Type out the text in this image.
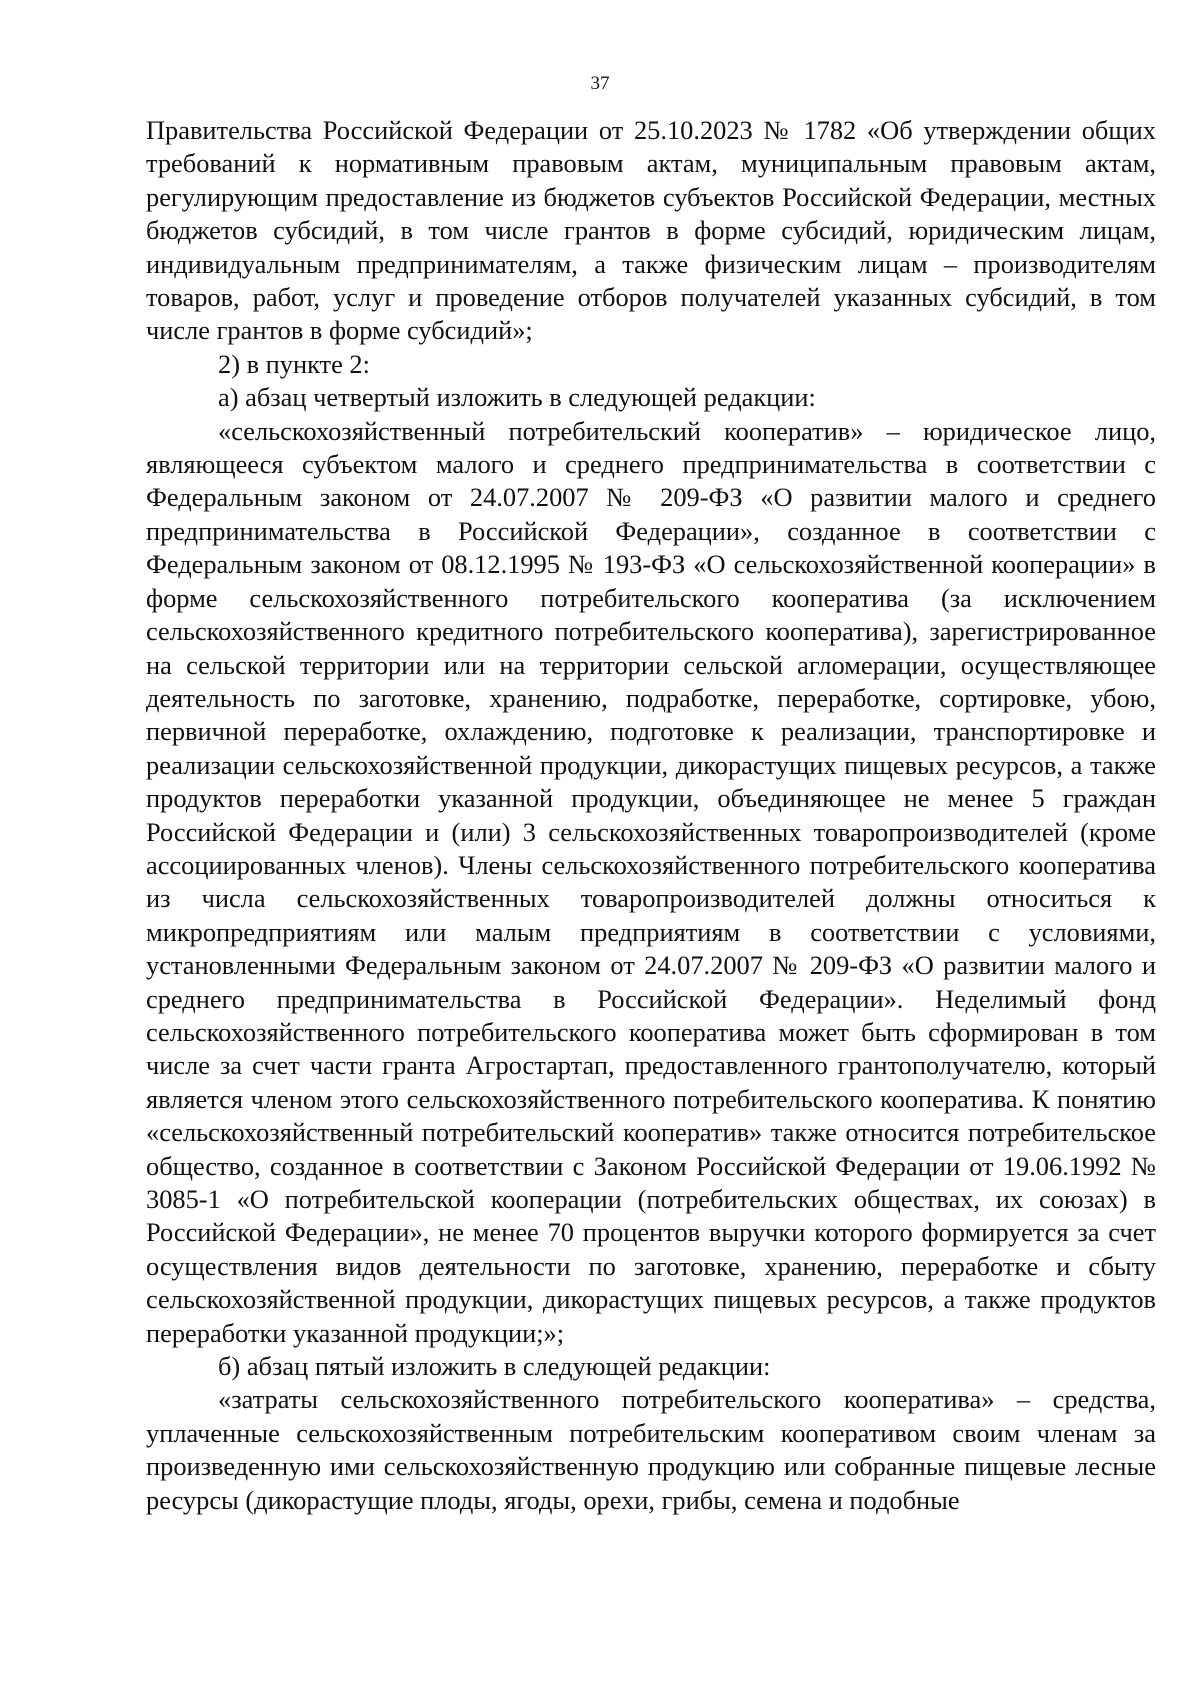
37

Правительства Российской Федерации от 25.10.2023 № 1782 «Об утверждении общих требований к нормативным правовым актам, муниципальным правовым актам, регулирующим предоставление из бюджетов субъектов Российской Федерации, местных бюджетов субсидий, в том числе грантов в форме субсидий, юридическим лицам, индивидуальным предпринимателям, а также физическим лицам – производителям товаров, работ, услуг и проведение отборов получателей указанных субсидий, в том числе грантов в форме субсидий»;

2) в пункте 2:

а) абзац четвертый изложить в следующей редакции:

«сельскохозяйственный потребительский кооператив» – юридическое лицо, являющееся субъектом малого и среднего предпринимательства в соответствии с Федеральным законом от 24.07.2007 № 209-ФЗ «О развитии малого и среднего предпринимательства в Российской Федерации», созданное в соответствии с Федеральным законом от 08.12.1995 № 193-ФЗ «О сельскохозяйственной кооперации» в форме сельскохозяйственного потребительского кооператива (за исключением сельскохозяйственного кредитного потребительского кооператива), зарегистрированное на сельской территории или на территории сельской агломерации, осуществляющее деятельность по заготовке, хранению, подработке, переработке, сортировке, убою, первичной переработке, охлаждению, подготовке к реализации, транспортировке и реализации сельскохозяйственной продукции, дикорастущих пищевых ресурсов, а также продуктов переработки указанной продукции, объединяющее не менее 5 граждан Российской Федерации и (или) 3 сельскохозяйственных товаропроизводителей (кроме ассоциированных членов). Члены сельскохозяйственного потребительского кооператива из числа сельскохозяйственных товаропроизводителей должны относиться к микропредприятиям или малым предприятиям в соответствии с условиями, установленными Федеральным законом от 24.07.2007 № 209-ФЗ «О развитии малого и среднего предпринимательства в Российской Федерации». Неделимый фонд сельскохозяйственного потребительского кооператива может быть сформирован в том числе за счет части гранта Агростартап, предоставленного грантополучателю, который является членом этого сельскохозяйственного потребительского кооператива. К понятию «сельскохозяйственный потребительский кооператив» также относится потребительское общество, созданное в соответствии с Законом Российской Федерации от 19.06.1992 № 3085-1 «О потребительской кооперации (потребительских обществах, их союзах) в Российской Федерации», не менее 70 процентов выручки которого формируется за счет осуществления видов деятельности по заготовке, хранению, переработке и сбыту сельскохозяйственной продукции, дикорастущих пищевых ресурсов, а также продуктов переработки указанной продукции;»;

б) абзац пятый изложить в следующей редакции:

«затраты сельскохозяйственного потребительского кооператива» – средства, уплаченные сельскохозяйственным потребительским кооперативом своим членам за произведенную ими сельскохозяйственную продукцию или собранные пищевые лесные ресурсы (дикорастущие плоды, ягоды, орехи, грибы, семена и подобные
